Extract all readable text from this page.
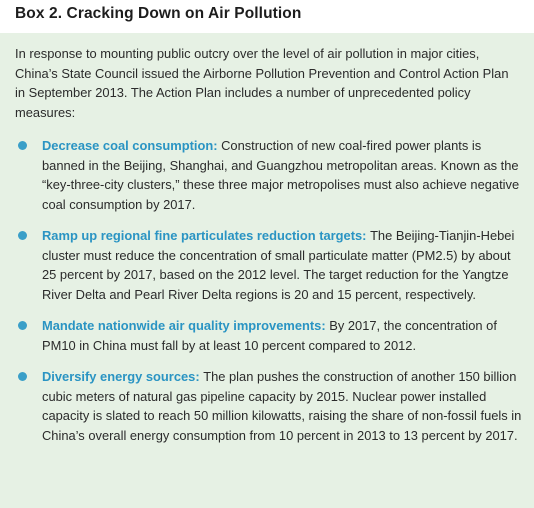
Box 2. Cracking Down on Air Pollution

In response to mounting public outcry over the level of air pollution in major cities, China’s State Council issued the Airborne Pollution Prevention and Control Action Plan in September 2013. The Action Plan includes a number of unprecedented policy measures:

Decrease coal consumption: Construction of new coal-fired power plants is banned in the Beijing, Shanghai, and Guangzhou metropolitan areas. Known as the “key-three-city clusters,” these three major metropolises must also achieve negative coal consumption by 2017.
Ramp up regional fine particulates reduction targets: The Beijing-Tianjin-Hebei cluster must reduce the concentration of small particulate matter (PM2.5) by about 25 percent by 2017, based on the 2012 level. The target reduction for the Yangtze River Delta and Pearl River Delta regions is 20 and 15 percent, respectively.
Mandate nationwide air quality improvements: By 2017, the concentration of PM10 in China must fall by at least 10 percent compared to 2012.
Diversify energy sources: The plan pushes the construction of another 150 billion cubic meters of natural gas pipeline capacity by 2015. Nuclear power installed capacity is slated to reach 50 million kilowatts, raising the share of non-fossil fuels in China’s overall energy consumption from 10 percent in 2013 to 13 percent by 2017.
